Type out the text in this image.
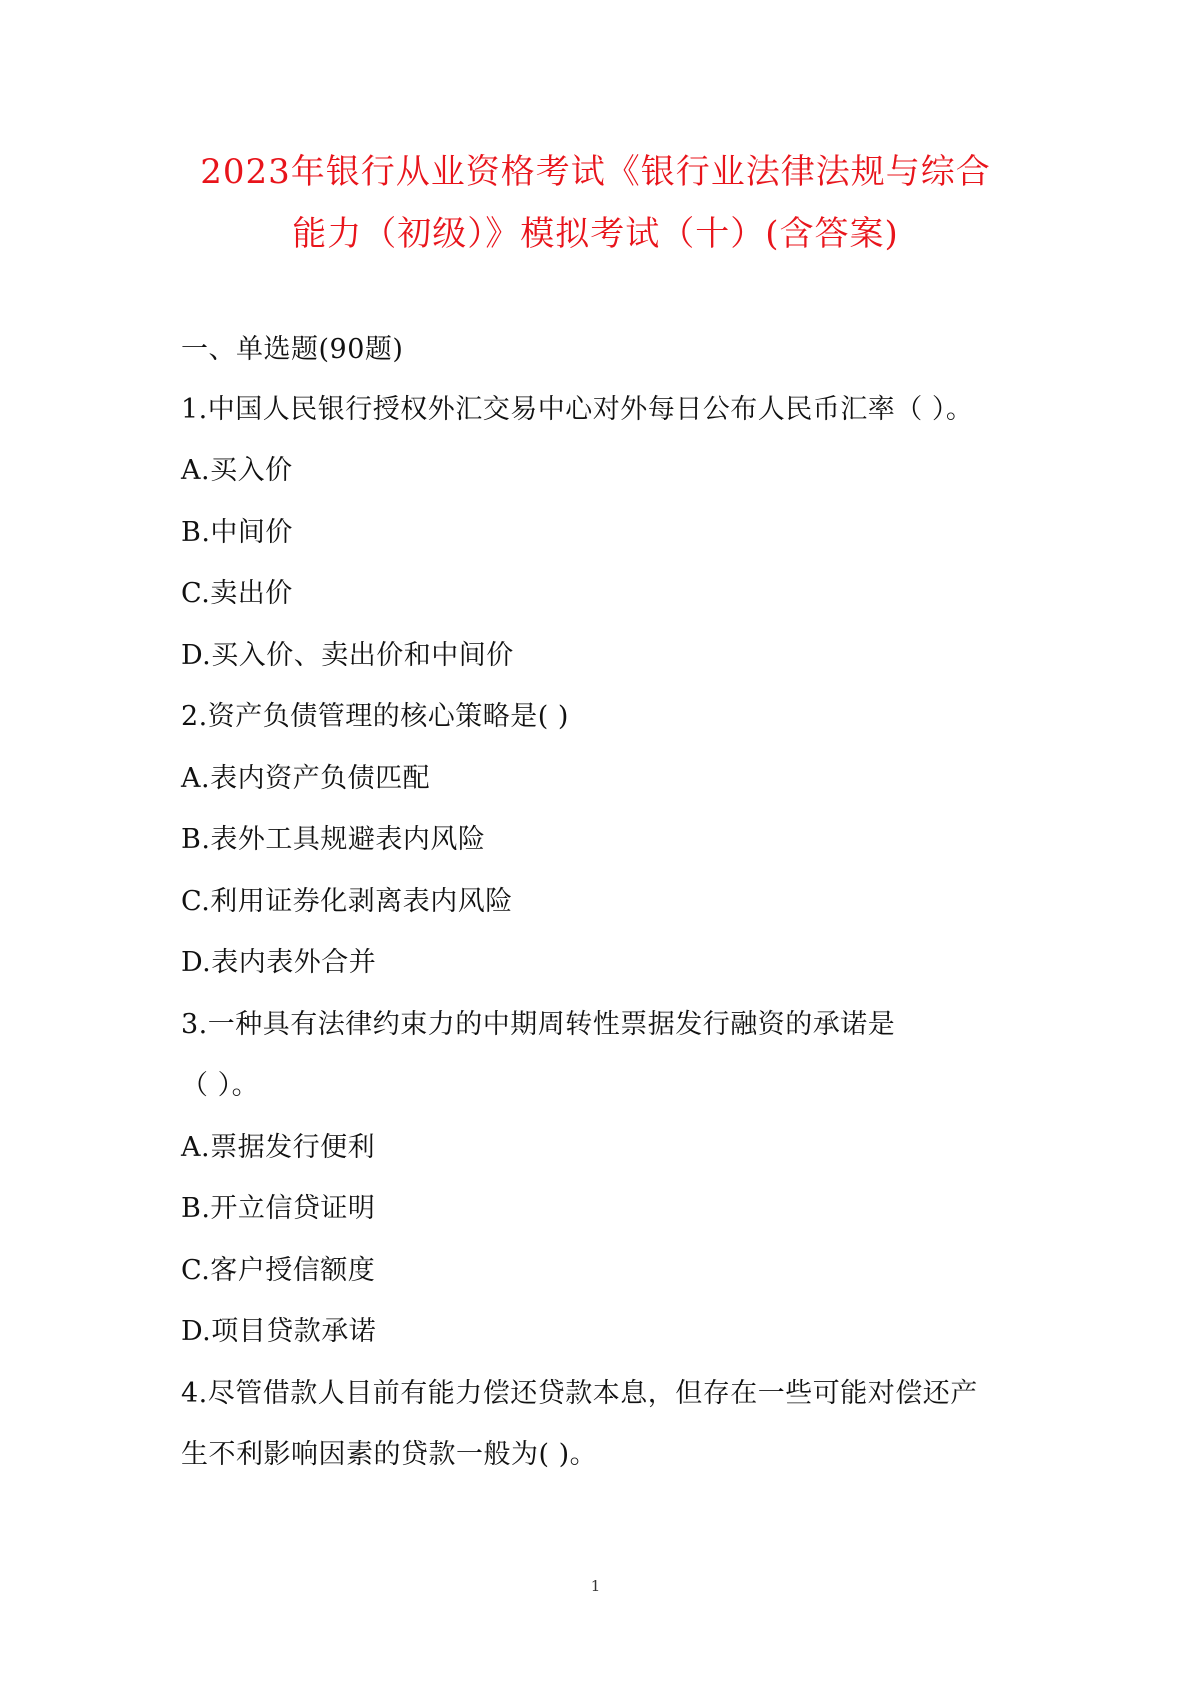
2023年银行从业资格考试《银行业法律法规与综合
能力（初级）》模拟考试（十）(含答案)
一、单选题(90题)
1.中国人民银行授权外汇交易中心对外每日公布人民币汇率（ ）。
A.买入价
B.中间价
C.卖出价
D.买入价、卖出价和中间价
2.资产负债管理的核心策略是( )
A.表内资产负债匹配
B.表外工具规避表内风险
C.利用证券化剥离表内风险
D.表内表外合并
3.一种具有法律约束力的中期周转性票据发行融资的承诺是
（ ）。
A.票据发行便利
B.开立信贷证明
C.客户授信额度
D.项目贷款承诺
4.尽管借款人目前有能力偿还贷款本息，但存在一些可能对偿还产
生不利影响因素的贷款一般为( )。
1
